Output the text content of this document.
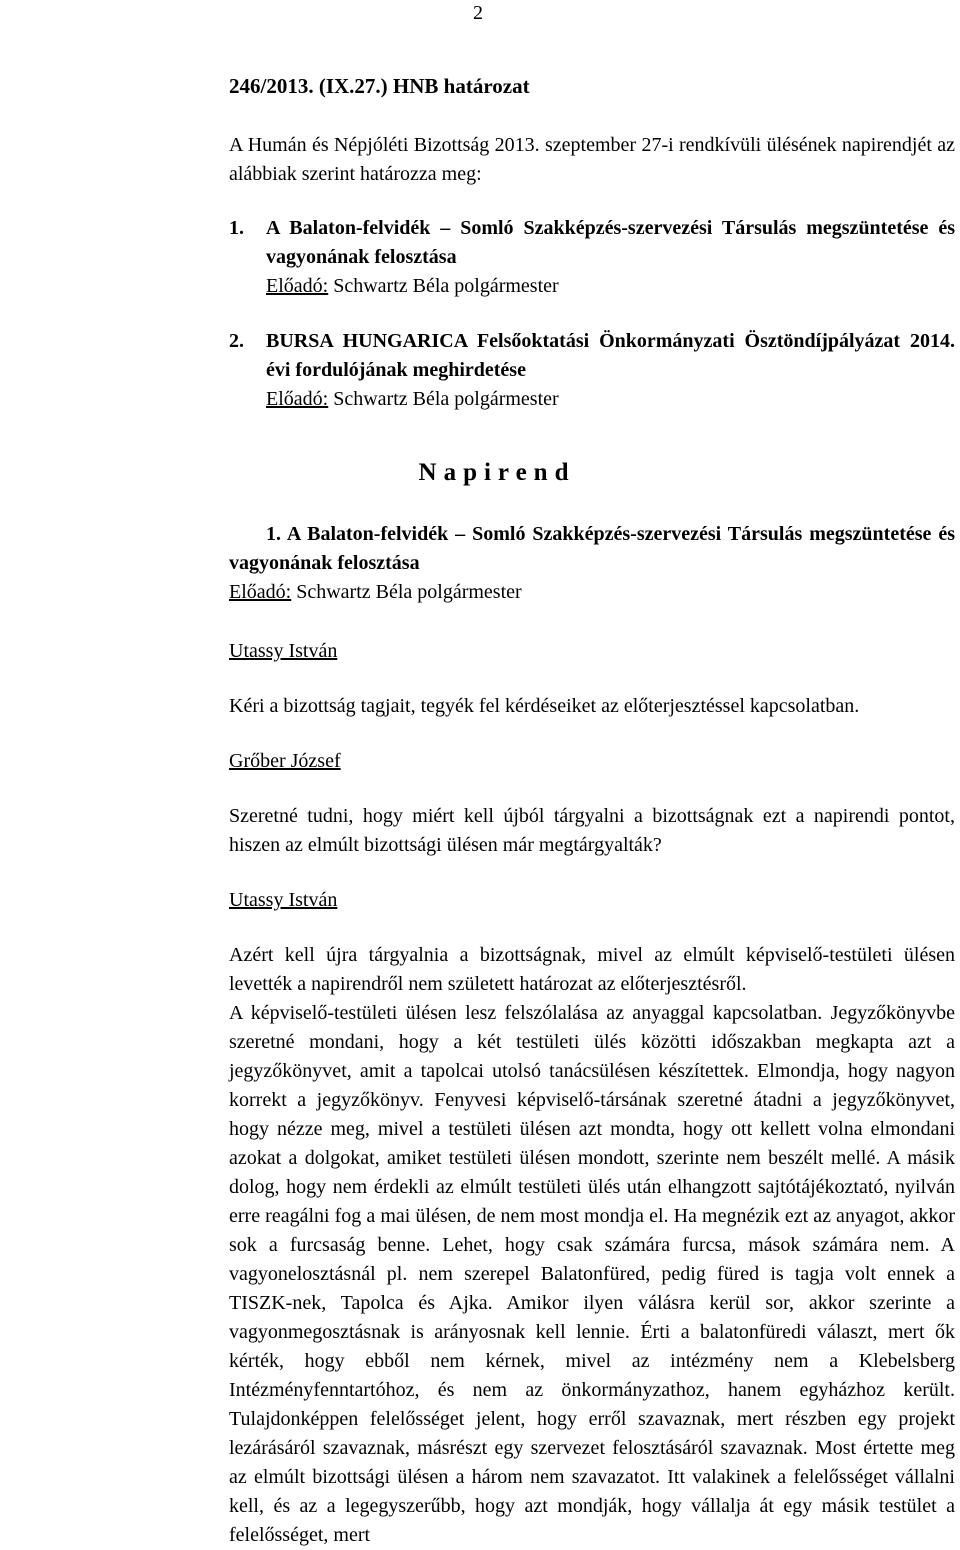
2
246/2013. (IX.27.) HNB határozat
A Humán és Népjóléti Bizottság 2013. szeptember 27-i rendkívüli ülésének napirendjét az alábbiak szerint határozza meg:
1. A Balaton-felvidék – Somló Szakképzés-szervezési Társulás megszüntetése és vagyonának felosztása
Előadó: Schwartz Béla polgármester
2. BURSA HUNGARICA Felsőoktatási Önkormányzati Ösztöndíjpályázat 2014. évi fordulójának meghirdetése
Előadó: Schwartz Béla polgármester
Napirend
1. A Balaton-felvidék – Somló Szakképzés-szervezési Társulás megszüntetése és vagyonának felosztása
Előadó: Schwartz Béla polgármester

Utassy István

Kéri a bizottság tagjait, tegyék fel kérdéseiket az előterjesztéssel kapcsolatban.

Grőber József

Szeretné tudni, hogy miért kell újból tárgyalni a bizottságnak ezt a napirendi pontot, hiszen az elmúlt bizottsági ülésen már megtárgyalták?

Utassy István

Azért kell újra tárgyalnia a bizottságnak, mivel az elmúlt képviselő-testületi ülésen levették a napirendről nem született határozat az előterjesztésről.

A képviselő-testületi ülésen lesz felszólalása az anyaggal kapcsolatban. Jegyzőkönyvbe szeretné mondani, hogy a két testületi ülés közötti időszakban megkapta azt a jegyzőkönyvet, amit a tapolcai utolsó tanácsülésen készítettek. Elmondja, hogy nagyon korrekt a jegyzőkönyv. Fenyvesi képviselő-társának szeretné átadni a jegyzőkönyvet, hogy nézze meg, mivel a testületi ülésen azt mondta, hogy ott kellett volna elmondani azokat a dolgokat, amiket testületi ülésen mondott, szerinte nem beszélt mellé. A másik dolog, hogy nem érdekli az elmúlt testületi ülés után elhangzott sajtótájékoztató, nyilván erre reagálni fog a mai ülésen, de nem most mondja el. Ha megnézik ezt az anyagot, akkor sok a furcsaság benne. Lehet, hogy csak számára furcsa, mások számára nem. A vagyonelosztásnál pl. nem szerepel Balatonfüred, pedig füred is tagja volt ennek a TISZK-nek, Tapolca és Ajka. Amikor ilyen válásra kerül sor, akkor szerinte a vagyonmegosztásnak is arányosnak kell lennie. Érti a balatonfüredi választ, mert ők kérték, hogy ebből nem kérnek, mivel az intézmény nem a Klebelsberg Intézményfenntartóhoz, és nem az önkormányzathoz, hanem egyházhoz került. Tulajdonképpen felelősséget jelent, hogy erről szavaznak, mert részben egy projekt lezárásáról szavaznak, másrészt egy szervezet felosztásáról szavaznak. Most értette meg az elmúlt bizottsági ülésen a három nem szavazatot. Itt valakinek a felelősséget vállalni kell, és az a legegyszerűbb, hogy azt mondják, hogy vállalja át egy másik testület a felelősséget, mert
